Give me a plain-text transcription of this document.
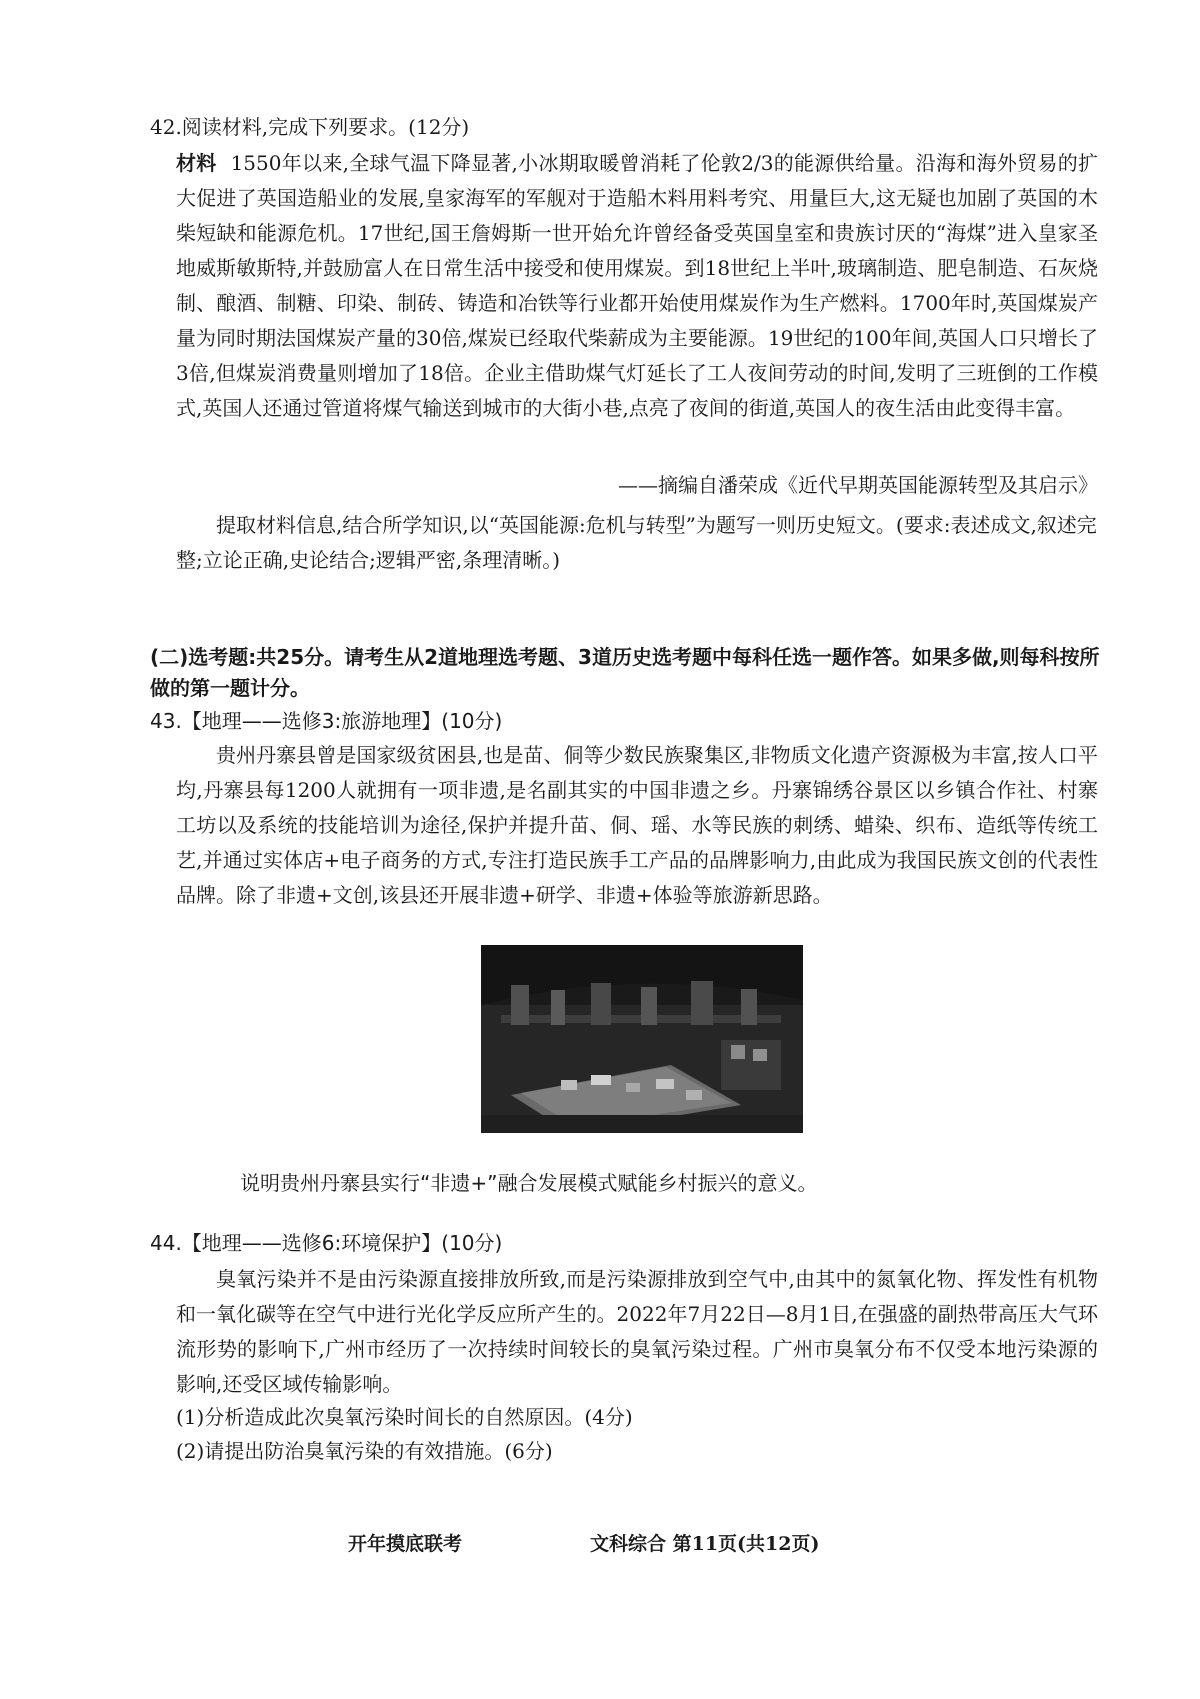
42.阅读材料,完成下列要求。(12分)
材料 1550年以来,全球气温下降显著,小冰期取暖曾消耗了伦敦2/3的能源供给量。沿海和海外贸易的扩大促进了英国造船业的发展,皇家海军的军舰对于造船木料用料考究、用量巨大,这无疑也加剧了英国的木柴短缺和能源危机。17世纪,国王詹姆斯一世开始允许曾经备受英国皇室和贵族讨厌的“海煤”进入皇家圣地威斯敏斯特,并鼓励富人在日常生活中接受和使用煤炭。到18世纪上半叶,玻璃制造、肥皂制造、石灰烧制、酿酒、制糖、印染、制砖、铸造和冶铁等行业都开始使用煤炭作为生产燃料。1700年时,英国煤炭产量为同时期法国煤炭产量的30倍,煤炭已经取代柴薪成为主要能源。19世纪的100年间,英国人口只增长了3倍,但煤炭消费量则增加了18倍。企业主借助煤气灯延长了工人夜间劳动的时间,发明了三班倒的工作模式,英国人还通过管道将煤气输送到城市的大街小巷,点亮了夜间的街道,英国人的夜生活由此变得丰富。
——摘编自潘荣成《近代早期英国能源转型及其启示》
提取材料信息,结合所学知识,以“英国能源:危机与转型”为题写一则历史短文。(要求:表述成文,叙述完整;立论正确,史论结合;逻辑严密,条理清晰。)
(二)选考题:共25分。请考生从2道地理选考题、3道历史选考题中每科任选一题作答。如果多做,则每科按所做的第一题计分。
43.【地理——选修3:旅游地理】(10分)
贵州丹寨县曾是国家级贫困县,也是苗、侗等少数民族聚集区,非物质文化遗产资源极为丰富,按人口平均,丹寨县每1200人就拥有一项非遗,是名副其实的中国非遗之乡。丹寨锦绣谷景区以乡镇合作社、村寨工坊以及系统的技能培训为途径,保护并提升苗、侗、瑶、水等民族的刺绣、蜡染、织布、造纸等传统工艺,并通过实体店+电子商务的方式,专注打造民族手工产品的品牌影响力,由此成为我国民族文创的代表性品牌。除了非遗+文创,该县还开展非遗+研学、非遗+体验等旅游新思路。
说明贵州丹寨县实行“非遗+”融合发展模式赋能乡村振兴的意义。
44.【地理——选修6:环境保护】(10分)
臭氧污染并不是由污染源直接排放所致,而是污染源排放到空气中,由其中的氮氧化物、挥发性有机物和一氧化碳等在空气中进行光化学反应所产生的。2022年7月22日—8月1日,在强盛的副热带高压大气环流形势的影响下,广州市经历了一次持续时间较长的臭氧污染过程。广州市臭氧分布不仅受本地污染源的影响,还受区域传输影响。
(1)分析造成此次臭氧污染时间长的自然原因。(4分)
(2)请提出防治臭氧污染的有效措施。(6分)
开年摸底联考	文科综合 第11页(共12页)
